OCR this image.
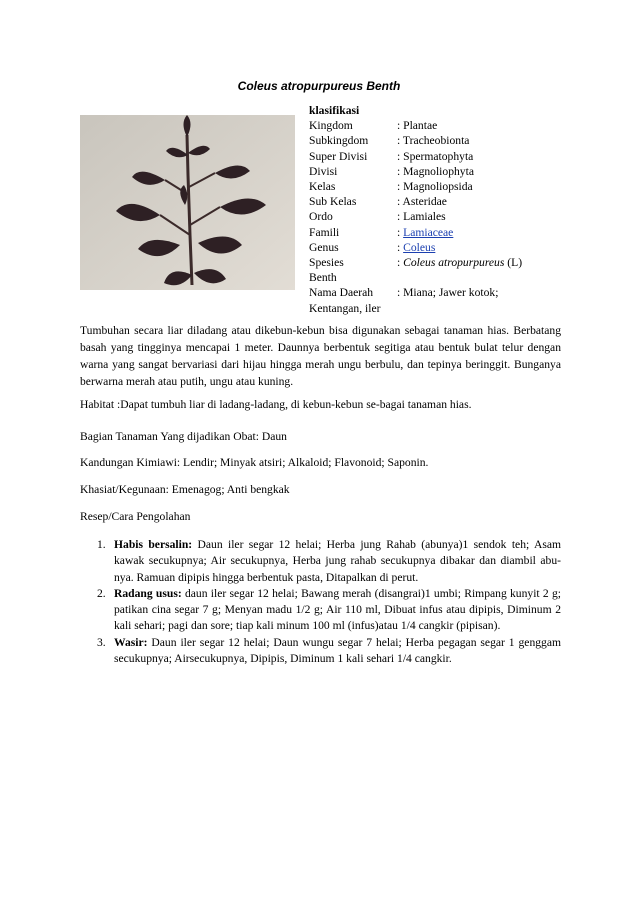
Coleus atropurpureus Benth
klasifikasi
Kingdom	: Plantae
Subkingdom	: Tracheobionta
Super Divisi	: Spermatophyta
Divisi	: Magnoliophyta
Kelas	: Magnoliopsida
Sub Kelas	: Asteridae
Ordo	: Lamiales
Famili	: Lamiaceae
Genus	: Coleus
Spesies	: Coleus atropurpureus (L)
Benth
Nama Daerah	: Miana; Jawer kotok;
Kentangan, iler

Tumbuhan secara liar diladang atau dikebun-kebun bisa digunakan sebagai tanaman hias. Berbatang basah yang tingginya mencapai 1 meter. Daunnya berbentuk segitiga atau bentuk bulat telur dengan warna yang sangat bervariasi dari hijau hingga merah ungu berbulu, dan tepinya beringgit. Bunganya berwarna merah atau putih, ungu atau kuning.

Habitat :Dapat tumbuh liar di ladang-ladang, di kebun-kebun se-bagai tanaman hias.
Bagian Tanaman Yang dijadikan Obat: Daun
Kandungan Kimiawi: Lendir; Minyak atsiri; Alkaloid; Flavonoid; Saponin.
Khasiat/Kegunaan: Emenagog; Anti bengkak
Resep/Cara Pengolahan
1. Habis bersalin: Daun iler segar 12 helai; Herba jung Rahab (abunya)1 sendok teh; Asam kawak secukupnya; Air secukupnya, Herba jung rahab secukupnya dibakar dan diambil abu-nya. Ramuan dipipis hingga berbentuk pasta, Ditapalkan di perut.
2. Radang usus: daun iler segar 12 helai; Bawang merah (disangrai)1 umbi; Rimpang kunyit 2 g; patikan cina segar 7 g; Menyan madu 1/2 g; Air 110 ml, Dibuat infus atau dipipis, Diminum 2 kali sehari; pagi dan sore; tiap kali minum 100 ml (infus)atau 1/4 cangkir (pipisan).
3. Wasir: Daun iler segar 12 helai; Daun wungu segar 7 helai; Herba pegagan segar 1 genggam secukupnya; Airsecukupnya, Dipipis, Diminum 1 kali sehari 1/4 cangkir.
